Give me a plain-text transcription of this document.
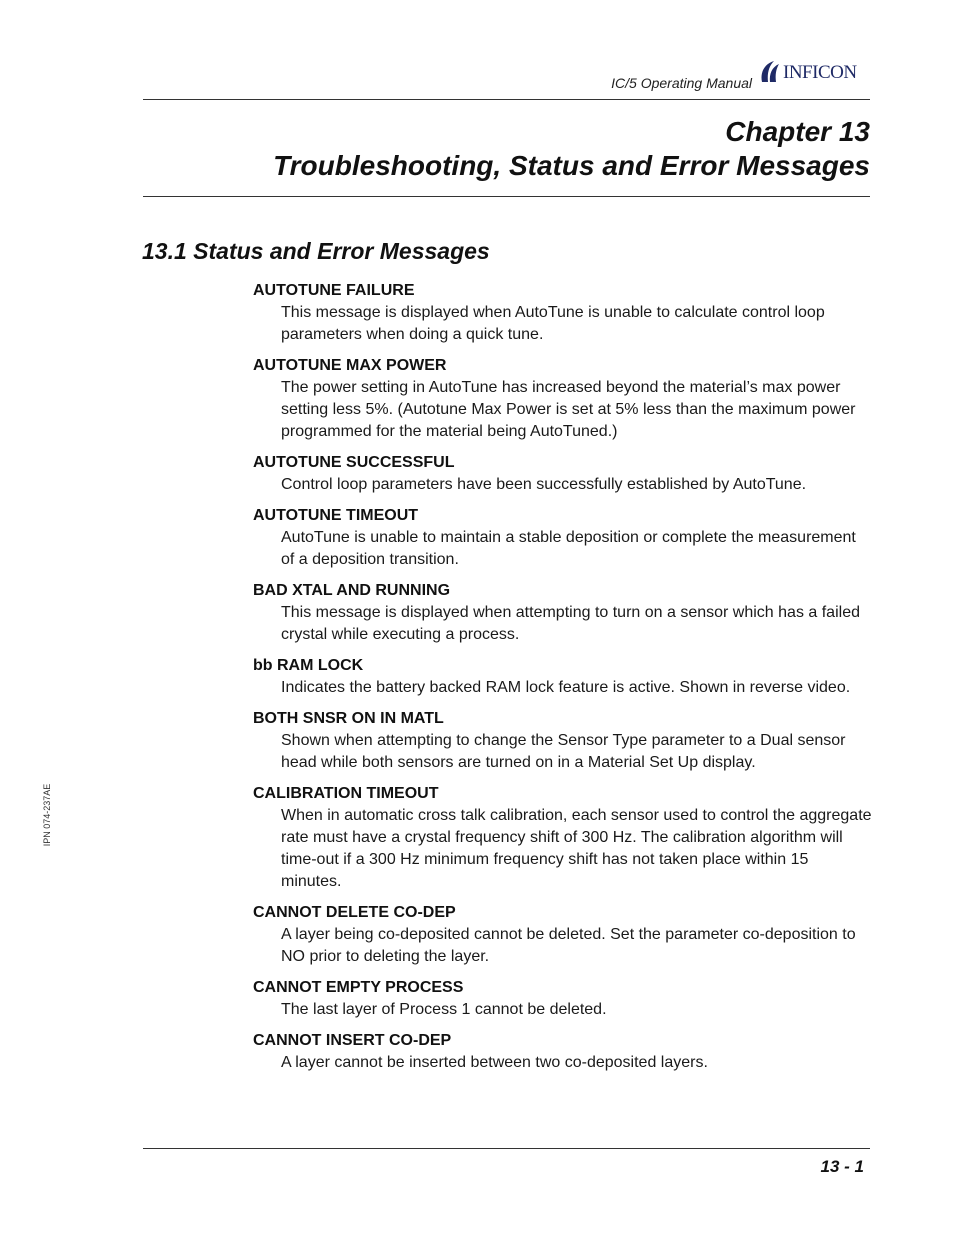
IC/5 Operating Manual INFICON
Chapter 13
Troubleshooting, Status and Error Messages
13.1 Status and Error Messages
AUTOTUNE FAILURE
This message is displayed when AutoTune is unable to calculate control loop parameters when doing a quick tune.
AUTOTUNE MAX POWER
The power setting in AutoTune has increased beyond the material’s max power setting less 5%. (Autotune Max Power is set at 5% less than the maximum power programmed for the material being AutoTuned.)
AUTOTUNE SUCCESSFUL
Control loop parameters have been successfully established by AutoTune.
AUTOTUNE TIMEOUT
AutoTune is unable to maintain a stable deposition or complete the measurement of a deposition transition.
BAD XTAL AND RUNNING
This message is displayed when attempting to turn on a sensor which has a failed crystal while executing a process.
bb RAM LOCK
Indicates the battery backed RAM lock feature is active. Shown in reverse video.
BOTH SNSR ON IN MATL
Shown when attempting to change the Sensor Type parameter to a Dual sensor head while both sensors are turned on in a Material Set Up display.
CALIBRATION TIMEOUT
When in automatic cross talk calibration, each sensor used to control the aggregate rate must have a crystal frequency shift of 300 Hz. The calibration algorithm will time-out if a 300 Hz minimum frequency shift has not taken place within 15 minutes.
CANNOT DELETE CO-DEP
A layer being co-deposited cannot be deleted. Set the parameter co-deposition to NO prior to deleting the layer.
CANNOT EMPTY PROCESS
The last layer of Process 1 cannot be deleted.
CANNOT INSERT CO-DEP
A layer cannot be inserted between two co-deposited layers.
IPN 074-237AE
13 - 1
